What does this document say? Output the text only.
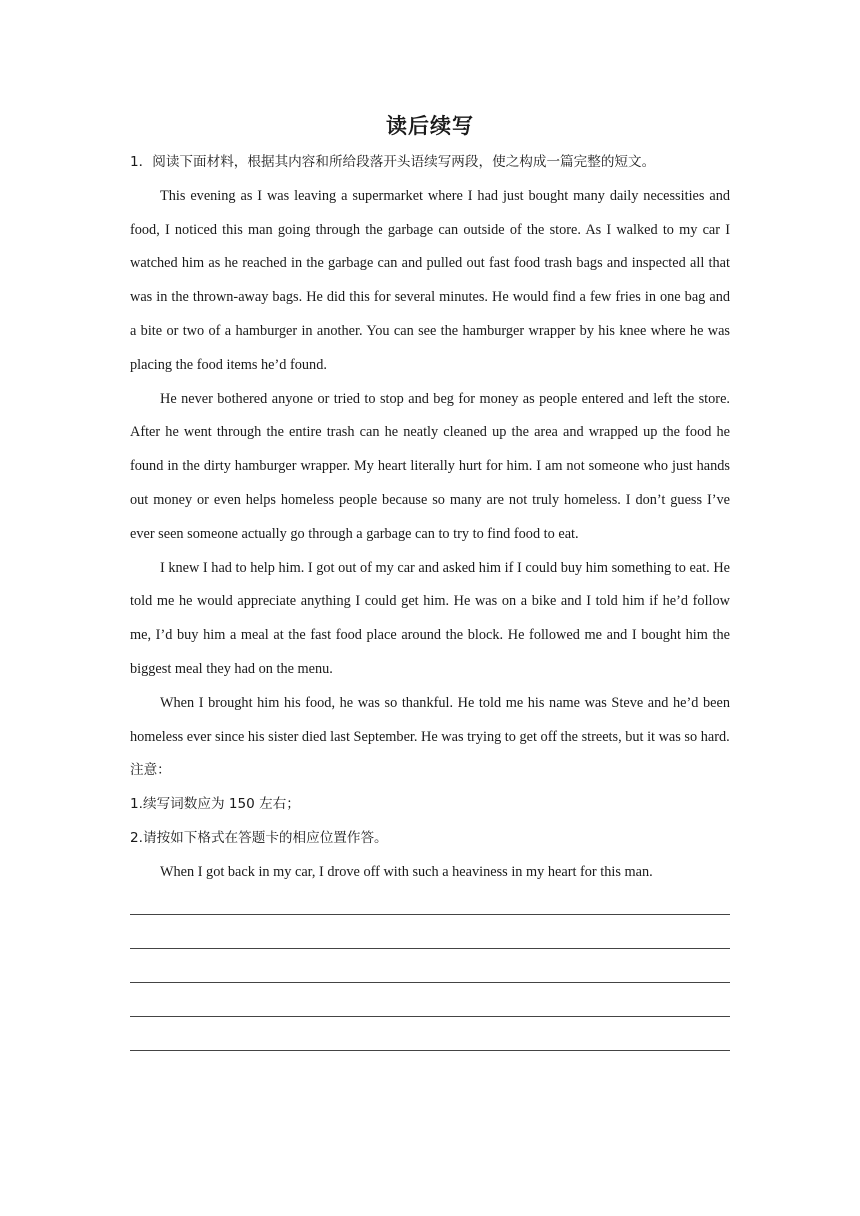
读后续写

1．阅读下面材料，根据其内容和所给段落开头语续写两段，使之构成一篇完整的短文。

This evening as I was leaving a supermarket where I had just bought many daily necessities and food, I noticed this man going through the garbage can outside of the store. As I walked to my car I watched him as he reached in the garbage can and pulled out fast food trash bags and inspected all that was in the thrown-away bags. He did this for several minutes. He would find a few fries in one bag and a bite or two of a hamburger in another. You can see the hamburger wrapper by his knee where he was placing the food items he’d found.

He never bothered anyone or tried to stop and beg for money as people entered and left the store. After he went through the entire trash can he neatly cleaned up the area and wrapped up the food he found in the dirty hamburger wrapper. My heart literally hurt for him. I am not someone who just hands out money or even helps homeless people because so many are not truly homeless. I don’t guess I’ve ever seen someone actually go through a garbage can to try to find food to eat.

I knew I had to help him. I got out of my car and asked him if I could buy him something to eat. He told me he would appreciate anything I could get him. He was on a bike and I told him if he’d follow me, I’d buy him a meal at the fast food place around the block. He followed me and I bought him the biggest meal they had on the menu.

When I brought him his food, he was so thankful. He told me his name was Steve and he’d been homeless ever since his sister died last September. He was trying to get off the streets, but it was so hard.

注意：

1.续写词数应为 150 左右；

2.请按如下格式在答题卡的相应位置作答。

When I got back in my car, I drove off with such a heaviness in my heart for this man.
